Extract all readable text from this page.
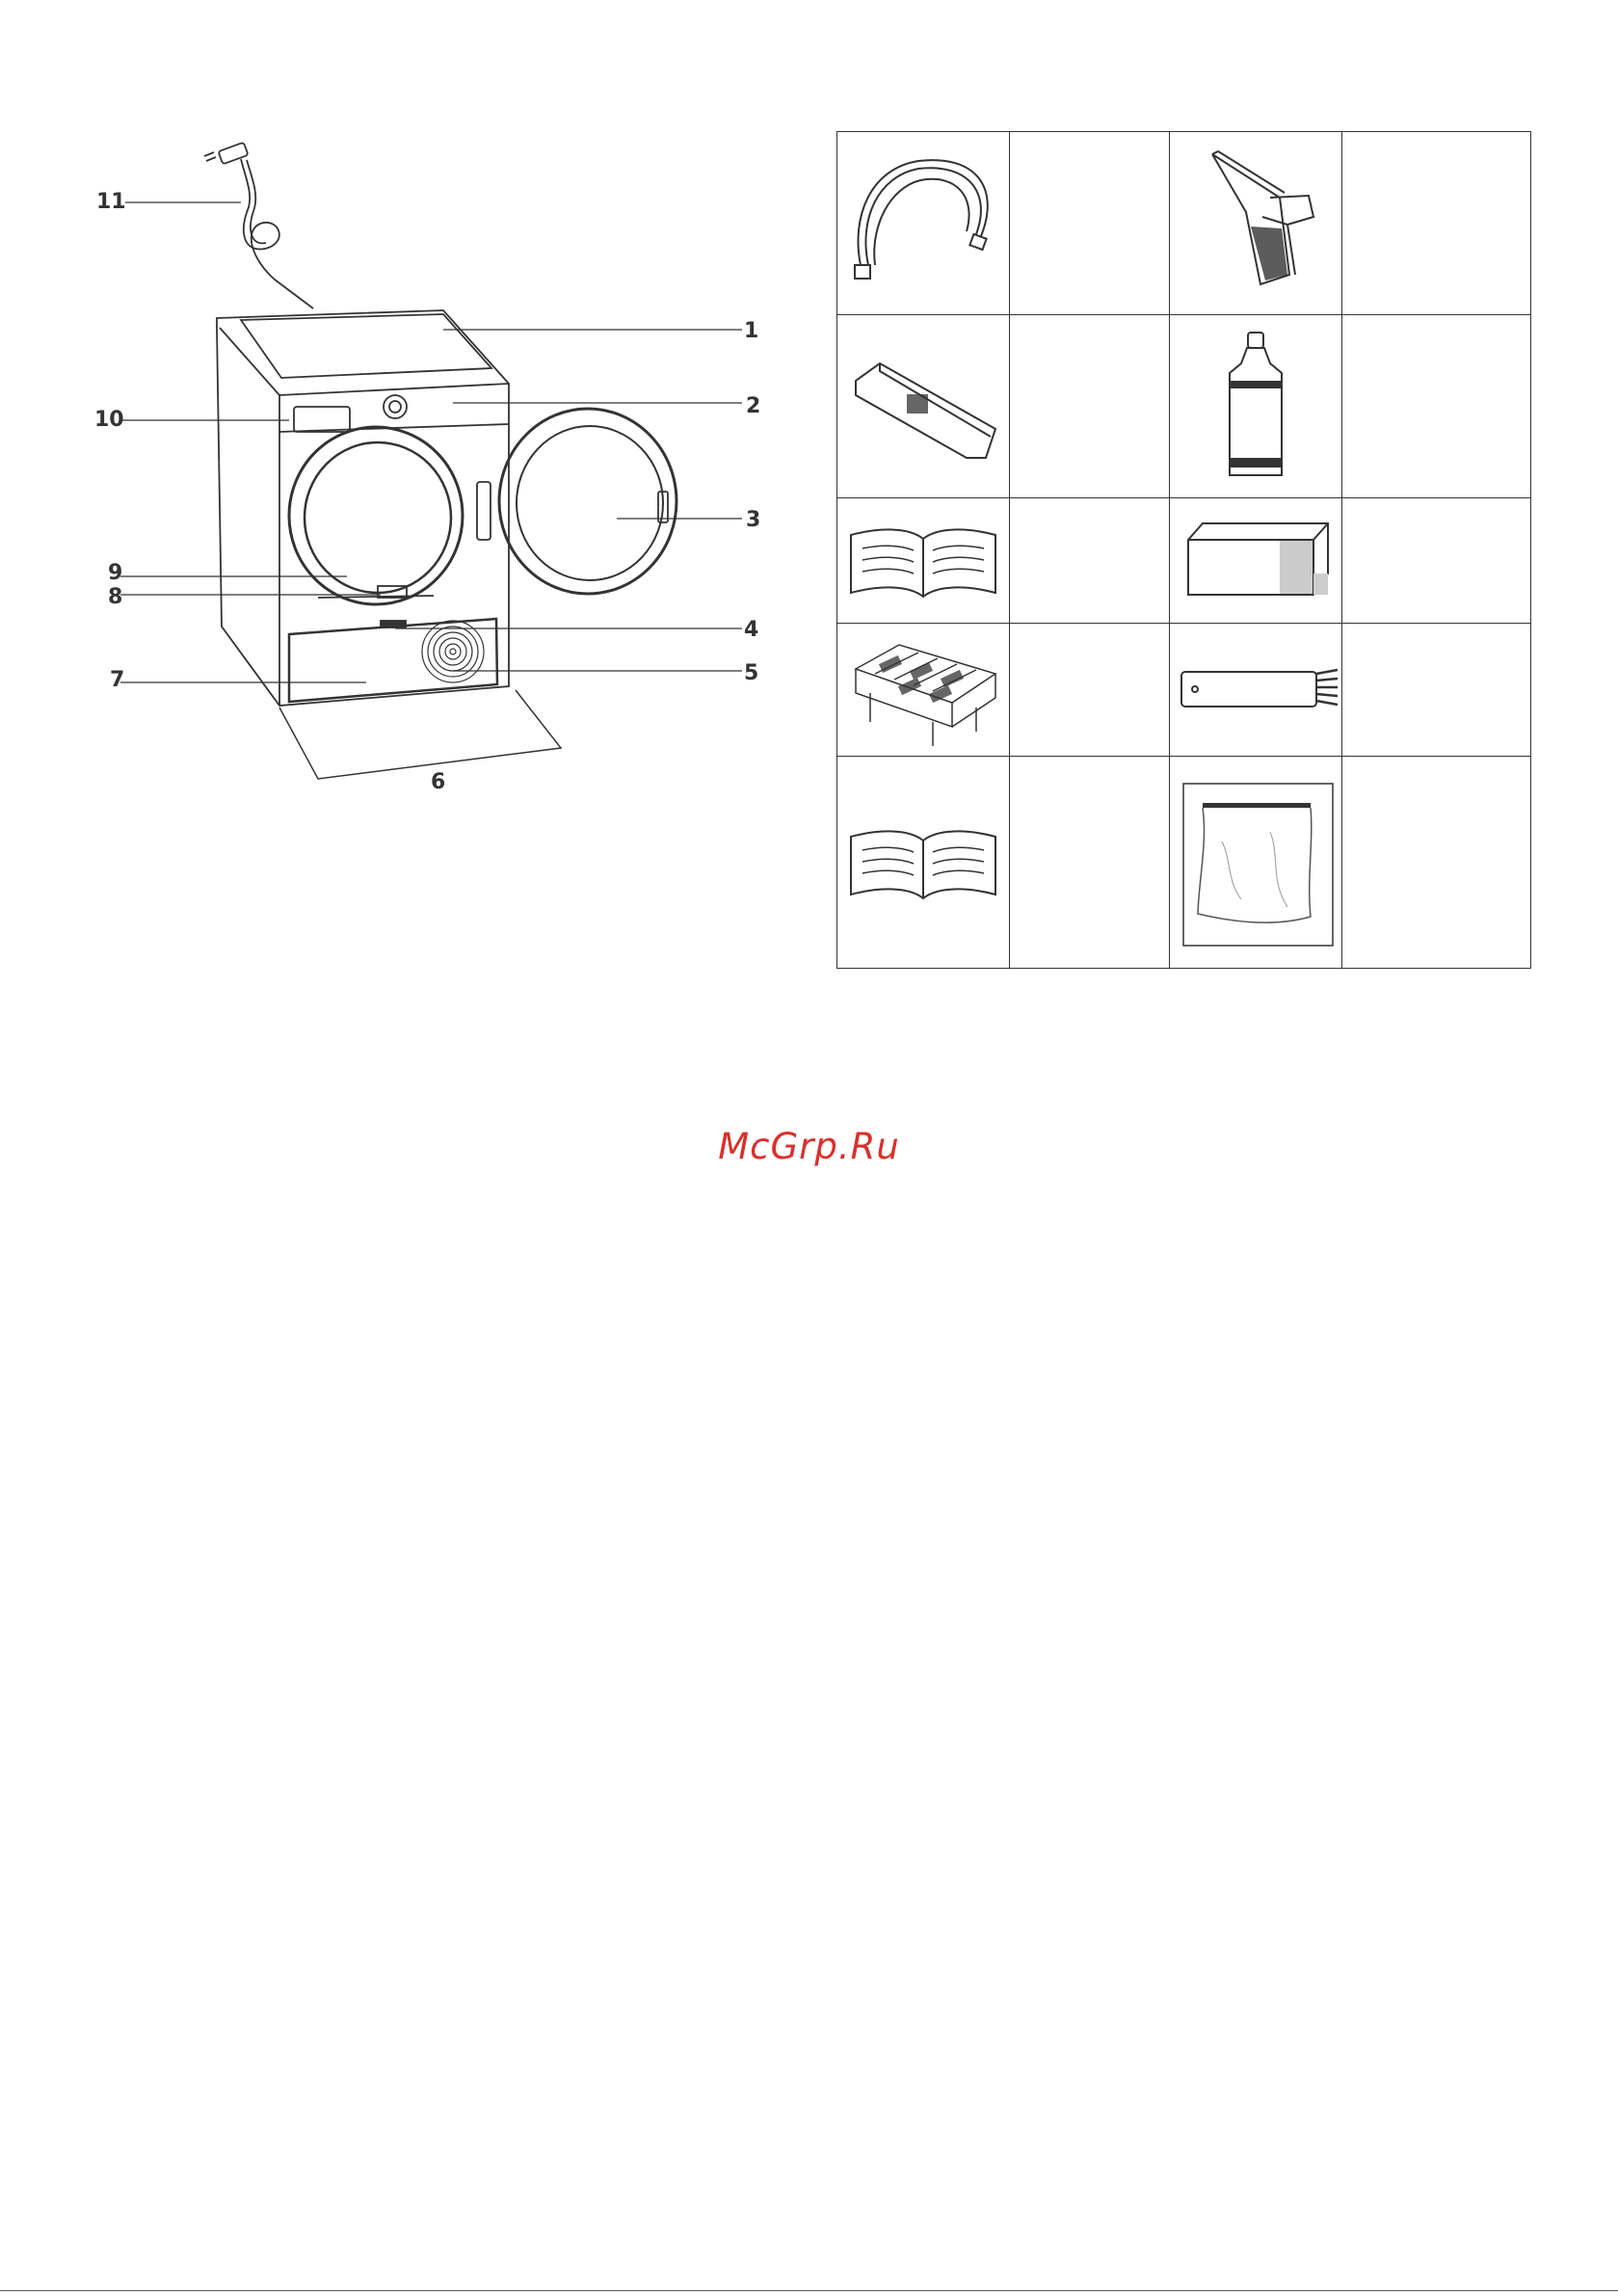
1
2
3
4
5
6
7
8
9
10
11

McGrp.Ru
